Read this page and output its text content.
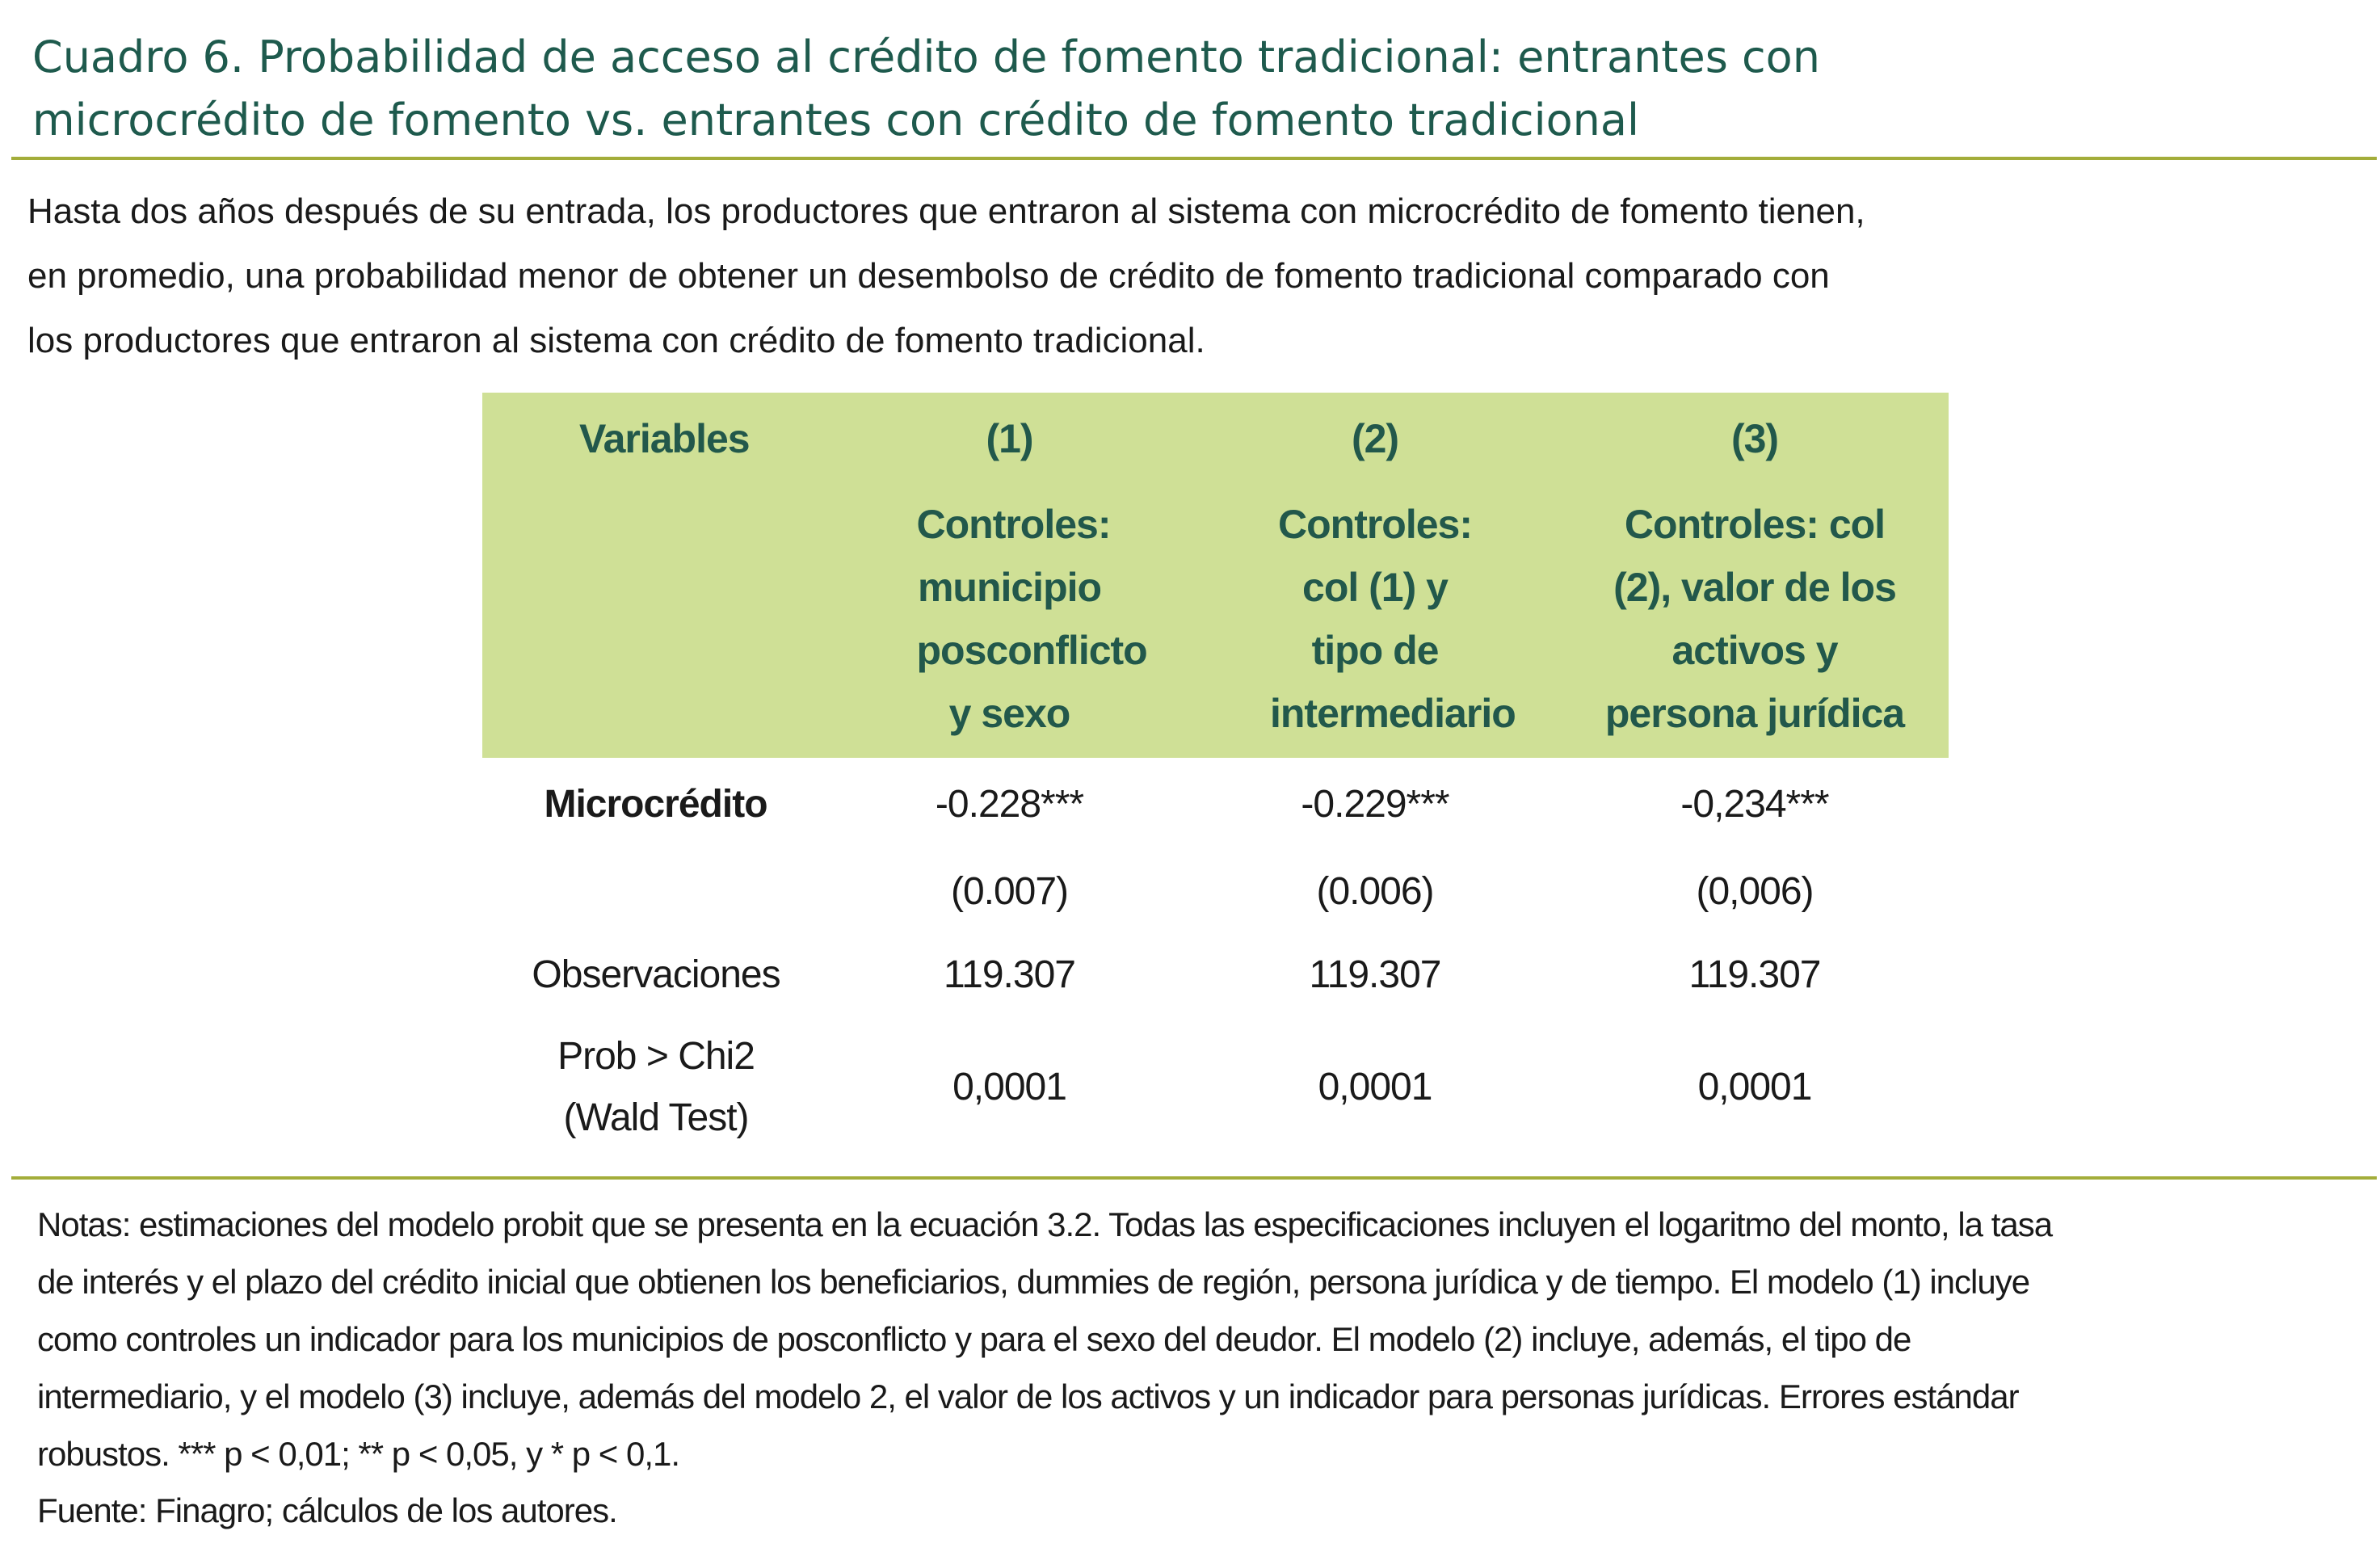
Cuadro 6. Probabilidad de acceso al crédito de fomento tradicional: entrantes con
microcrédito de fomento vs. entrantes con crédito de fomento tradicional

Hasta dos años después de su entrada, los productores que entraron al sistema con microcrédito de fomento tienen,
en promedio, una probabilidad menor de obtener un desembolso de crédito de fomento tradicional comparado con
los productores que entraron al sistema con crédito de fomento tradicional.

Variables	(1)	(2)	(3)

	Controles: municipio posconflicto y sexo	Controles: col (1) y tipo de intermediario	Controles: col (2), valor de los activos y persona jurídica

Microcrédito	-0.228***	-0.229***	-0,234***
	(0.007)	(0.006)	(0,006)
Observaciones	119.307	119.307	119.307
Prob > Chi2
(Wald Test)	0,0001	0,0001	0,0001

Notas: estimaciones del modelo probit que se presenta en la ecuación 3.2. Todas las especificaciones incluyen el logaritmo del monto, la tasa
de interés y el plazo del crédito inicial que obtienen los beneficiarios, dummies de región, persona jurídica y de tiempo. El modelo (1) incluye
como controles un indicador para los municipios de posconflicto y para el sexo del deudor. El modelo (2) incluye, además, el tipo de
intermediario, y el modelo (3) incluye, además del modelo 2, el valor de los activos y un indicador para personas jurídicas. Errores estándar
robustos. *** p < 0,01; ** p < 0,05, y * p < 0,1.

Fuente: Finagro; cálculos de los autores.
